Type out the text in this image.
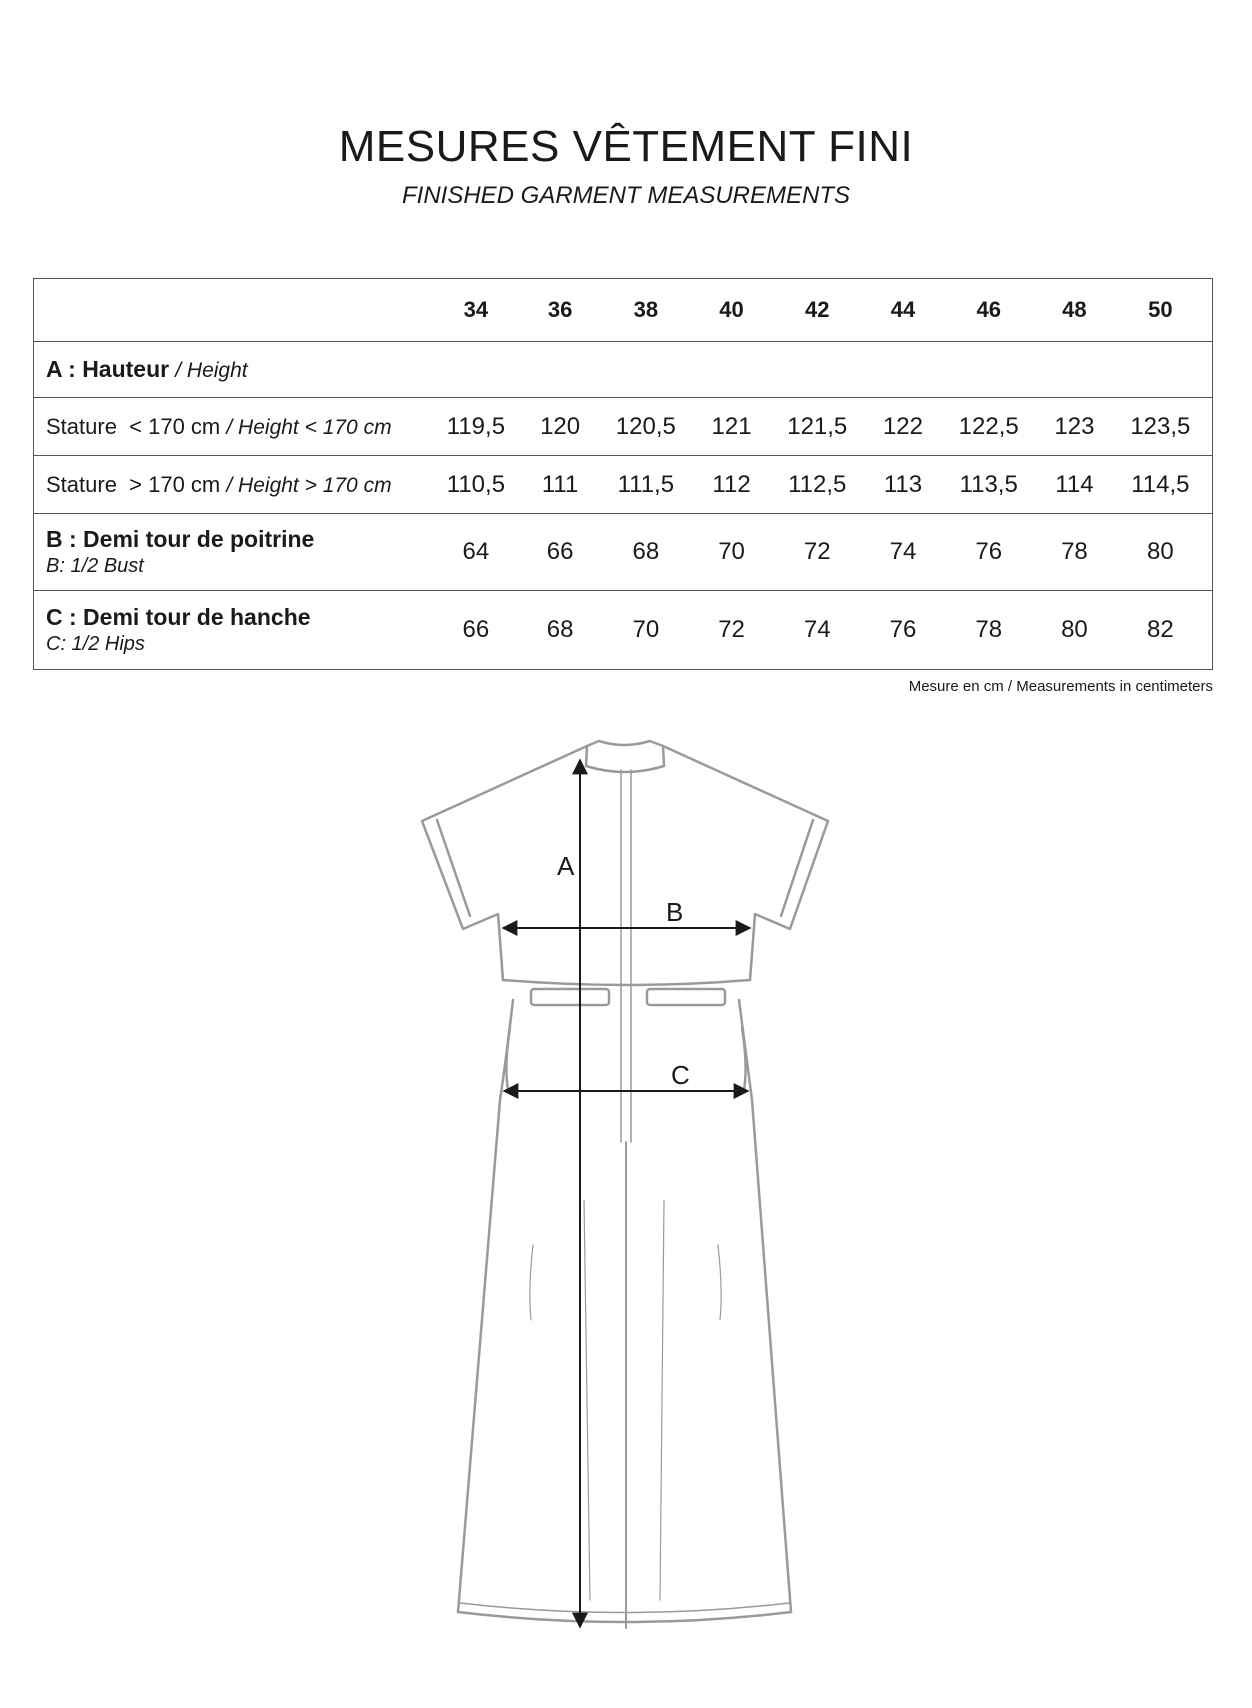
MESURES VÊTEMENT FINI

FINISHED GARMENT MEASUREMENTS

	34	36	38	40	42	44	46	48	50
A : Hauteur / Height									
Stature  < 170 cm / Height < 170 cm	119,5	120	120,5	121	121,5	122	122,5	123	123,5
Stature  > 170 cm / Height > 170 cm	110,5	111	111,5	112	112,5	113	113,5	114	114,5
B : Demi tour de poitrine
B: 1/2 Bust	64	66	68	70	72	74	76	78	80
C : Demi tour de hanche
C: 1/2 Hips	66	68	70	72	74	76	78	80	82
Mesure en cm / Measurements in centimeters
A
B
C
